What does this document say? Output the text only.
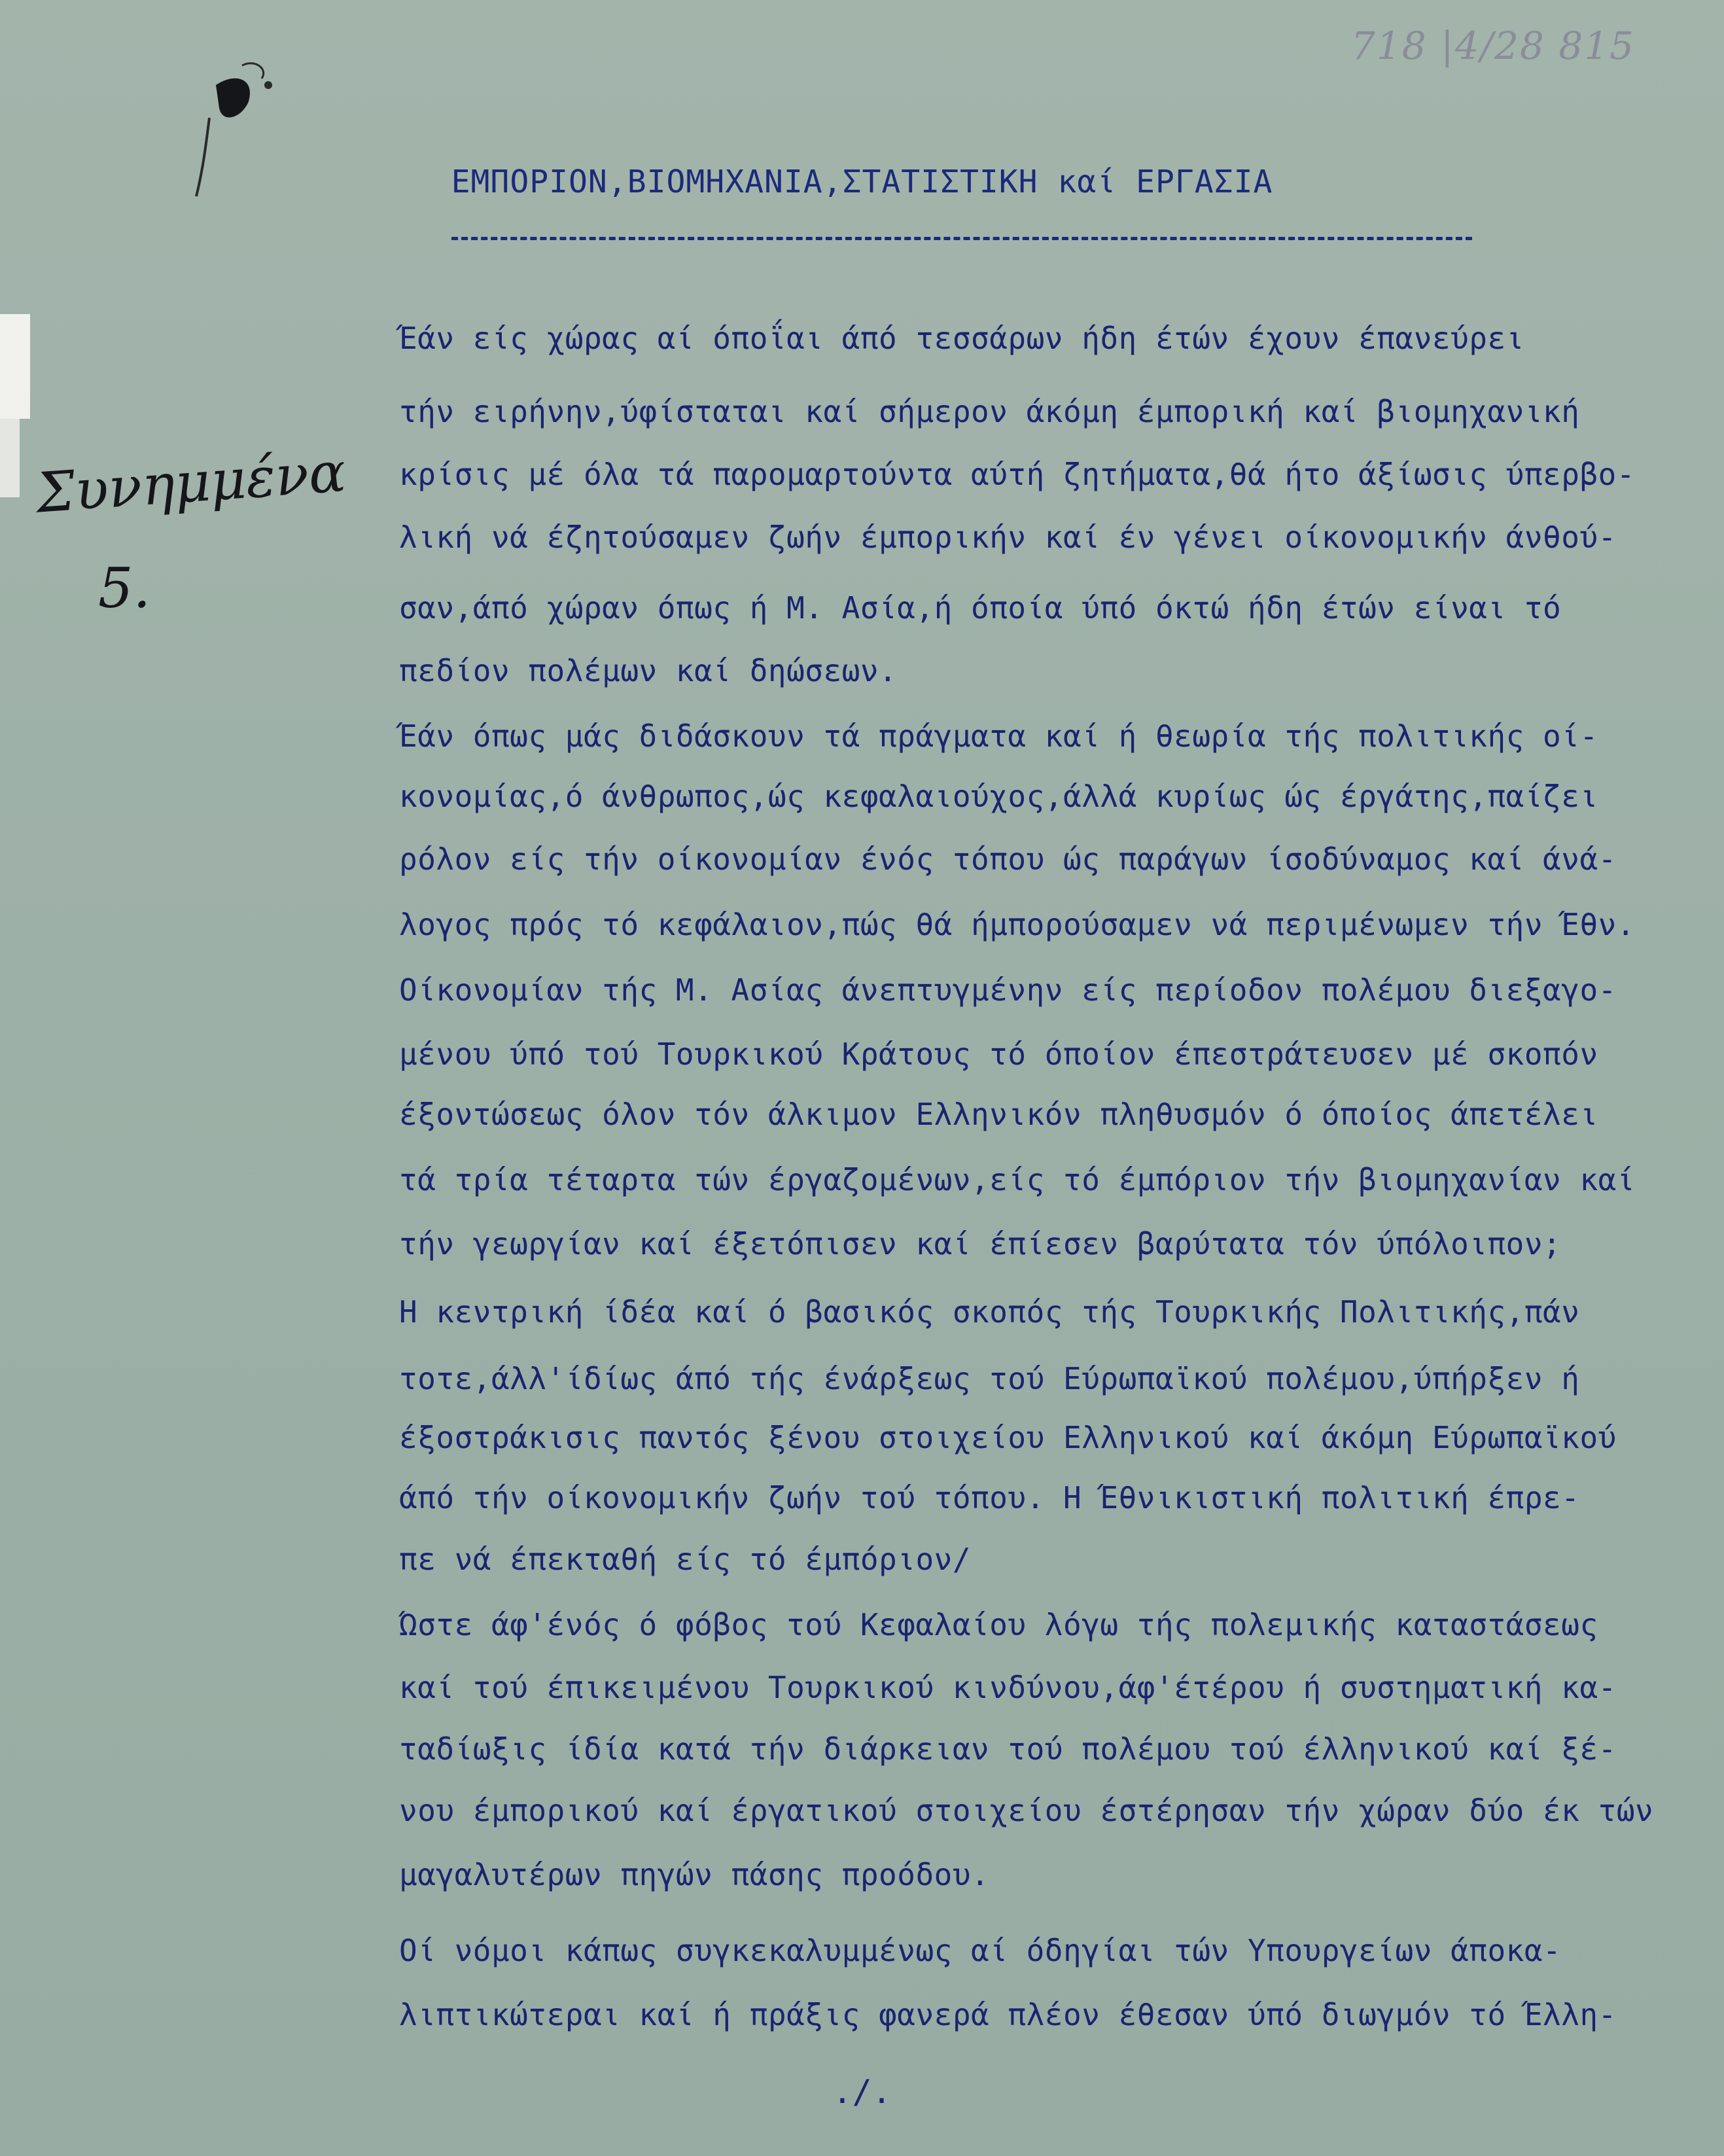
718 |4/28 815
Συνημμένα
5.
ΕΜΠΟΡΙΟΝ,ΒΙΟΜΗΧΑΝΙΑ,ΣΤΑΤΙΣΤΙΚΗ καί ΕΡΓΑΣΙΑ
Έάν είς χώρας αί όποΐαι άπό τεσσάρων ήδη έτών έχουν έπανεύρει
τήν ειρήνην,ύφίσταται καί σήμερον άκόμη έμπορική καί βιομηχανική
κρίσις μέ όλα τά παρομαρτούντα αύτή ζητήματα,θά ήτο άξίωσις ύπερβο-
λική νά έζητούσαμεν ζωήν έμπορικήν καί έν γένει οίκονομικήν άνθού-
σαν,άπό χώραν όπως ή Μ. Ασία,ή όποία ύπό όκτώ ήδη έτών είναι τό
πεδίον πολέμων καί δηώσεων.
Έάν όπως μάς διδάσκουν τά πράγματα καί ή θεωρία τής πολιτικής οί-
κονομίας,ό άνθρωπος,ώς κεφαλαιούχος,άλλά κυρίως ώς έργάτης,παίζει
ρόλον είς τήν οίκονομίαν ένός τόπου ώς παράγων ίσοδύναμος καί άνά-
λογος πρός τό κεφάλαιον,πώς θά ήμπορούσαμεν νά περιμένωμεν τήν Έθν.
Οίκονομίαν τής Μ. Ασίας άνεπτυγμένην είς περίοδον πολέμου διεξαγο-
μένου ύπό τού Τουρκικού Κράτους τό όποίον έπεστράτευσεν μέ σκοπόν
έξοντώσεως όλον τόν άλκιμον Ελληνικόν πληθυσμόν ό όποίος άπετέλει
τά τρία τέταρτα τών έργαζομένων,είς τό έμπόριον τήν βιομηχανίαν καί
τήν γεωργίαν καί έξετόπισεν καί έπίεσεν βαρύτατα τόν ύπόλοιπον;
Η κεντρική ίδέα καί ό βασικός σκοπός τής Τουρκικής Πολιτικής,πάν
τοτε,άλλ'ίδίως άπό τής ένάρξεως τού Εύρωπαϊκού πολέμου,ύπήρξεν ή
έξοστράκισις παντός ξένου στοιχείου Ελληνικού καί άκόμη Εύρωπαϊκού
άπό τήν οίκονομικήν ζωήν τού τόπου. Η Έθνικιστική πολιτική έπρε-
πε νά έπεκταθή είς τό έμπόριον/
Ώστε άφ'ένός ό φόβος τού Κεφαλαίου λόγω τής πολεμικής καταστάσεως
καί τού έπικειμένου Τουρκικού κινδύνου,άφ'έτέρου ή συστηματική κα-
ταδίωξις ίδία κατά τήν διάρκειαν τού πολέμου τού έλληνικού καί ξέ-
νου έμπορικού καί έργατικού στοιχείου έστέρησαν τήν χώραν δύο έκ τών
μαγαλυτέρων πηγών πάσης προόδου.
Οί νόμοι κάπως συγκεκαλυμμένως αί όδηγίαι τών Υπουργείων άποκα-
λιπτικώτεραι καί ή πράξις φανερά πλέον έθεσαν ύπό διωγμόν τό Έλλη-
./.
